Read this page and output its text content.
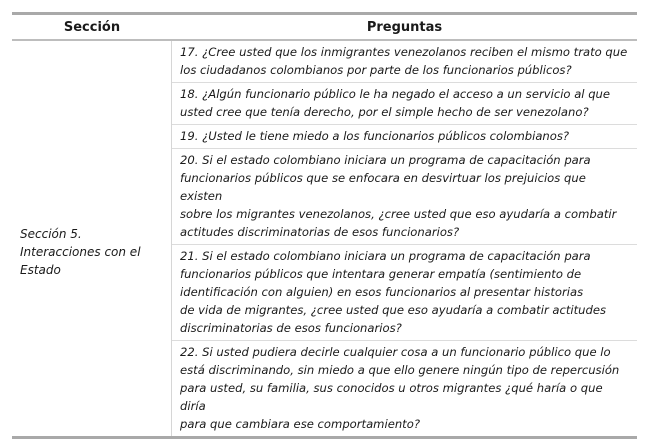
Sección	Preguntas
Sección 5. Interacciones con el Estado
17. ¿Cree usted que los inmigrantes venezolanos reciben el mismo trato que
los ciudadanos colombianos por parte de los funcionarios públicos?
18. ¿Algún funcionario público le ha negado el acceso a un servicio al que
usted cree que tenía derecho, por el simple hecho de ser venezolano?
19. ¿Usted le tiene miedo a los funcionarios públicos colombianos?
20. Si el estado colombiano iniciara un programa de capacitación para
funcionarios públicos que se enfocara en desvirtuar los prejuicios que existen
sobre los migrantes venezolanos, ¿cree usted que eso ayudaría a combatir
actitudes discriminatorias de esos funcionarios?
21. Si el estado colombiano iniciara un programa de capacitación para
funcionarios públicos que intentara generar empatía (sentimiento de
identificación con alguien) en esos funcionarios al presentar historias
de vida de migrantes, ¿cree usted que eso ayudaría a combatir actitudes
discriminatorias de esos funcionarios?
22. Si usted pudiera decirle cualquier cosa a un funcionario público que lo
está discriminando, sin miedo a que ello genere ningún tipo de repercusión
para usted, su familia, sus conocidos u otros migrantes ¿qué haría o que diría
para que cambiara ese comportamiento?
